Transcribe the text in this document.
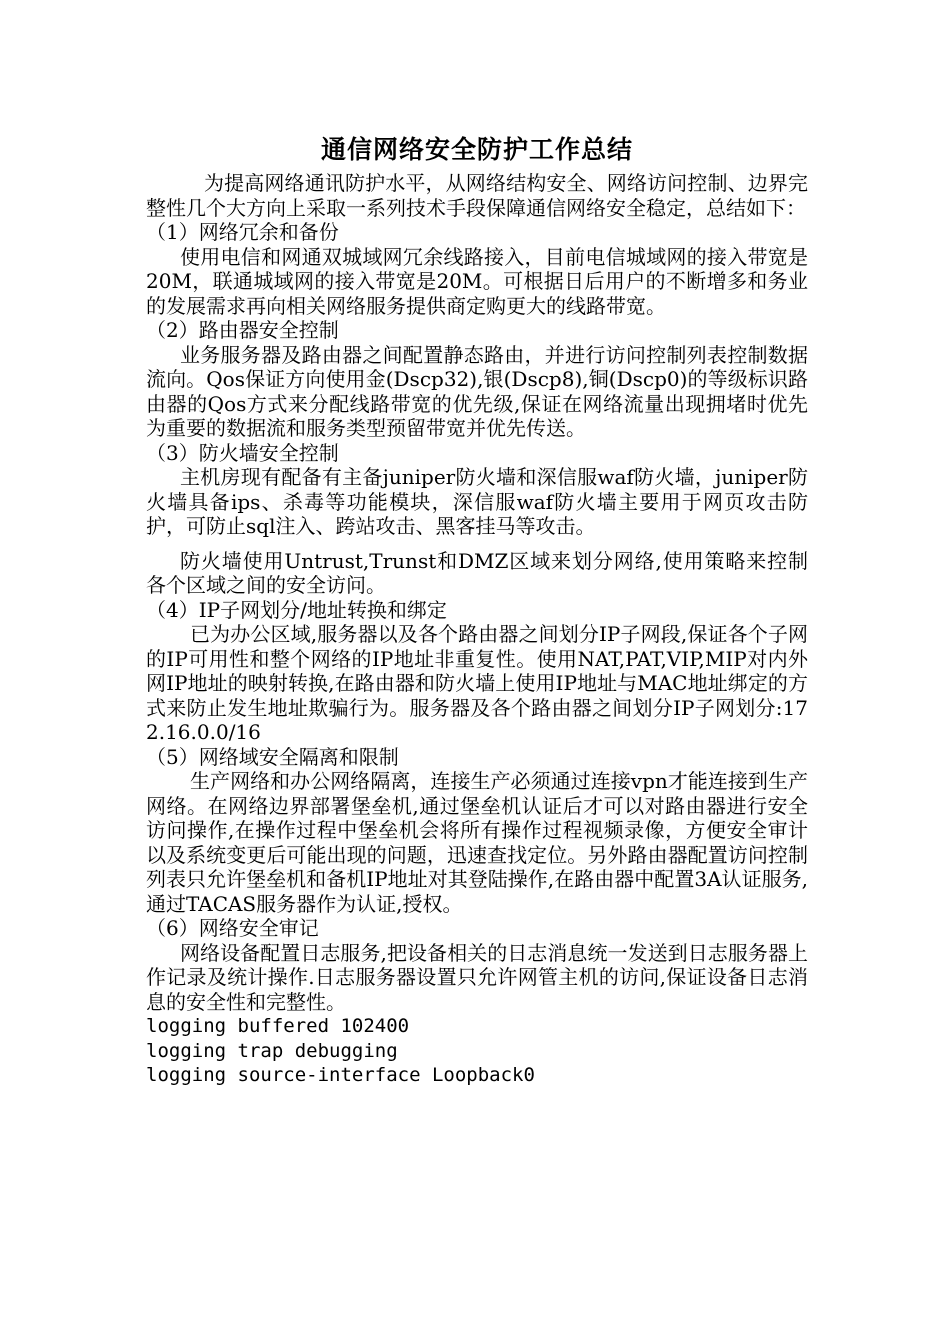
通信网络安全防护工作总结

为提高网络通讯防护水平，从网络结构安全、网络访问控制、边界完整性几个大方向上采取一系列技术手段保障通信网络安全稳定，总结如下：

（1）网络冗余和备份

使用电信和网通双城域网冗余线路接入，目前电信城域网的接入带宽是20M，联通城域网的接入带宽是20M。可根据日后用户的不断增多和务业的发展需求再向相关网络服务提供商定购更大的线路带宽。

（2）路由器安全控制

业务服务器及路由器之间配置静态路由，并进行访问控制列表控制数据流向。Qos保证方向使用金(Dscp32),银(Dscp8),铜(Dscp0)的等级标识路由器的Qos方式来分配线路带宽的优先级,保证在网络流量出现拥堵时优先为重要的数据流和服务类型预留带宽并优先传送。

（3）防火墙安全控制

主机房现有配备有主备juniper防火墙和深信服waf防火墙，juniper防火墙具备ips、杀毒等功能模块，深信服waf防火墙主要用于网页攻击防护，可防止sql注入、跨站攻击、黑客挂马等攻击。

防火墙使用Untrust,Trunst和DMZ区域来划分网络,使用策略来控制各个区域之间的安全访问。

（4）IP子网划分/地址转换和绑定

已为办公区域,服务器以及各个路由器之间划分IP子网段,保证各个子网的IP可用性和整个网络的IP地址非重复性。使用NAT,PAT,VIP,MIP对内外网IP地址的映射转换,在路由器和防火墙上使用IP地址与MAC地址绑定的方式来防止发生地址欺骗行为。服务器及各个路由器之间划分IP子网划分:172.16.0.0/16

（5）网络域安全隔离和限制

生产网络和办公网络隔离，连接生产必须通过连接vpn才能连接到生产网络。在网络边界部署堡垒机,通过堡垒机认证后才可以对路由器进行安全访问操作,在操作过程中堡垒机会将所有操作过程视频录像，方便安全审计以及系统变更后可能出现的问题，迅速查找定位。另外路由器配置访问控制列表只允许堡垒机和备机IP地址对其登陆操作,在路由器中配置3A认证服务,通过TACAS服务器作为认证,授权。

（6）网络安全审记

网络设备配置日志服务,把设备相关的日志消息统一发送到日志服务器上作记录及统计操作.日志服务器设置只允许网管主机的访问,保证设备日志消息的安全性和完整性。

logging buffered 102400

logging trap debugging

logging source-interface Loopback0
